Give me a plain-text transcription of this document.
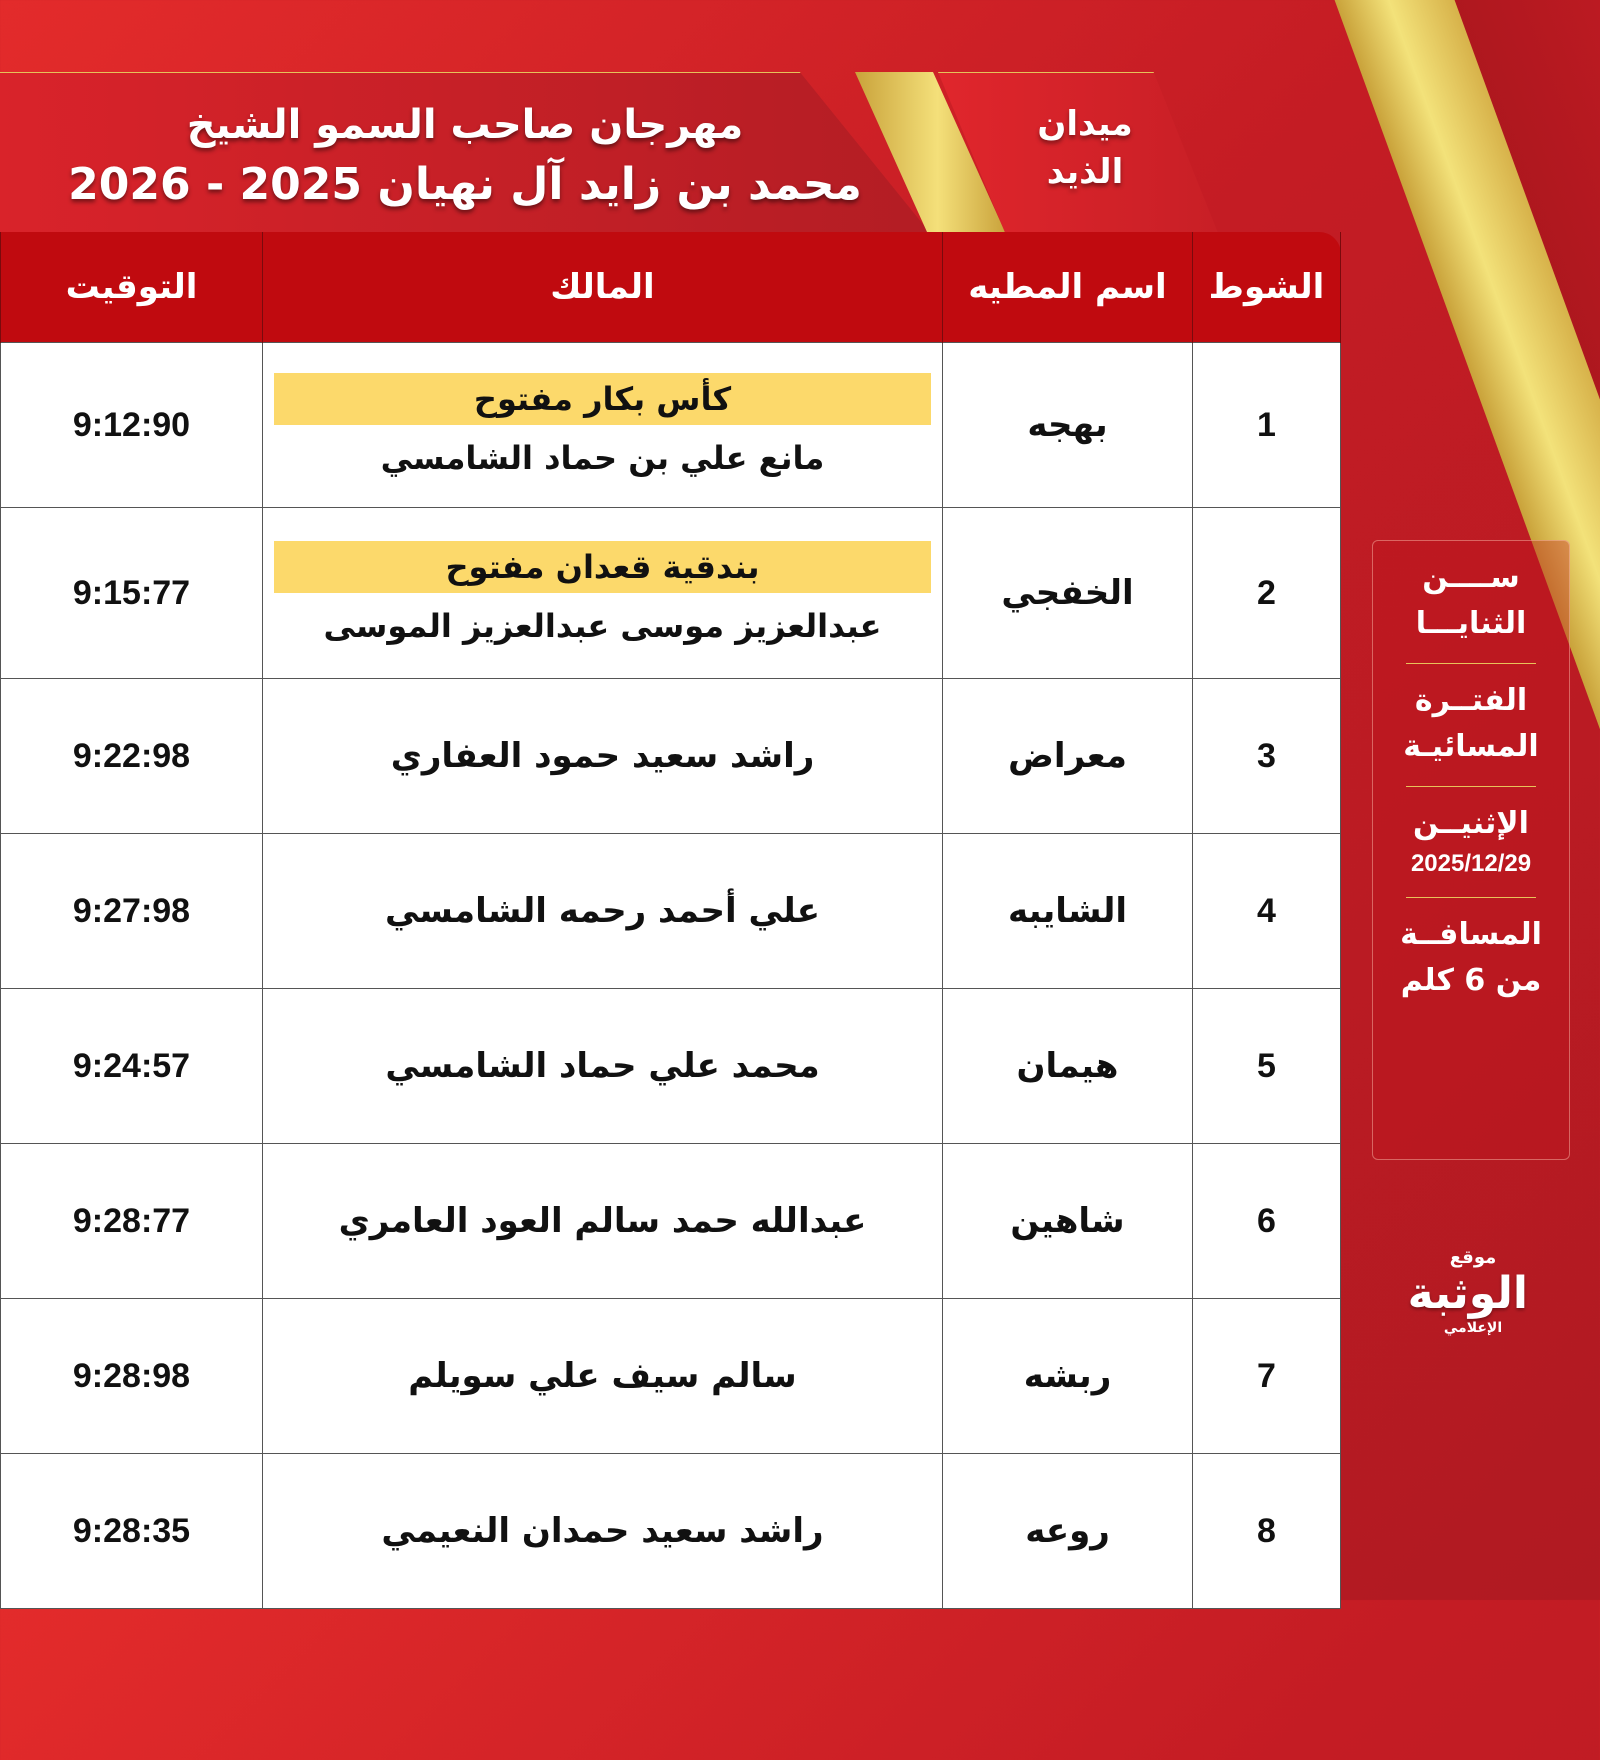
مهرجان صاحب السمو الشيخ
محمد بن زايد آل نهيان 2025 - 2026
ميدان
الذيد
الشوط	اسم المطيه	المالك	التوقيت
1	بهجه	كأس بكار مفتوح
مانع علي بن حماد الشامسي	9:12:90
2	الخفجي	بندقية قعدان مفتوح
عبدالعزيز موسى عبدالعزيز الموسى	9:15:77
3	معراض	راشد سعيد حمود العفاري	9:22:98
4	الشايبه	علي أحمد رحمه الشامسي	9:27:98
5	هيمان	محمد علي حماد الشامسي	9:24:57
6	شاهين	عبدالله حمد سالم العود العامري	9:28:77
7	ربشه	سالم سيف علي سويلم	9:28:98
8	روعه	راشد سعيد حمدان النعيمي	9:28:35
ســــن
الثنايـــا
الفتــرة
المسائيـة
الإثنيــن
2025/12/29
المسافــة
من 6 كلم
موقع
الوثبة
الإعلامي
